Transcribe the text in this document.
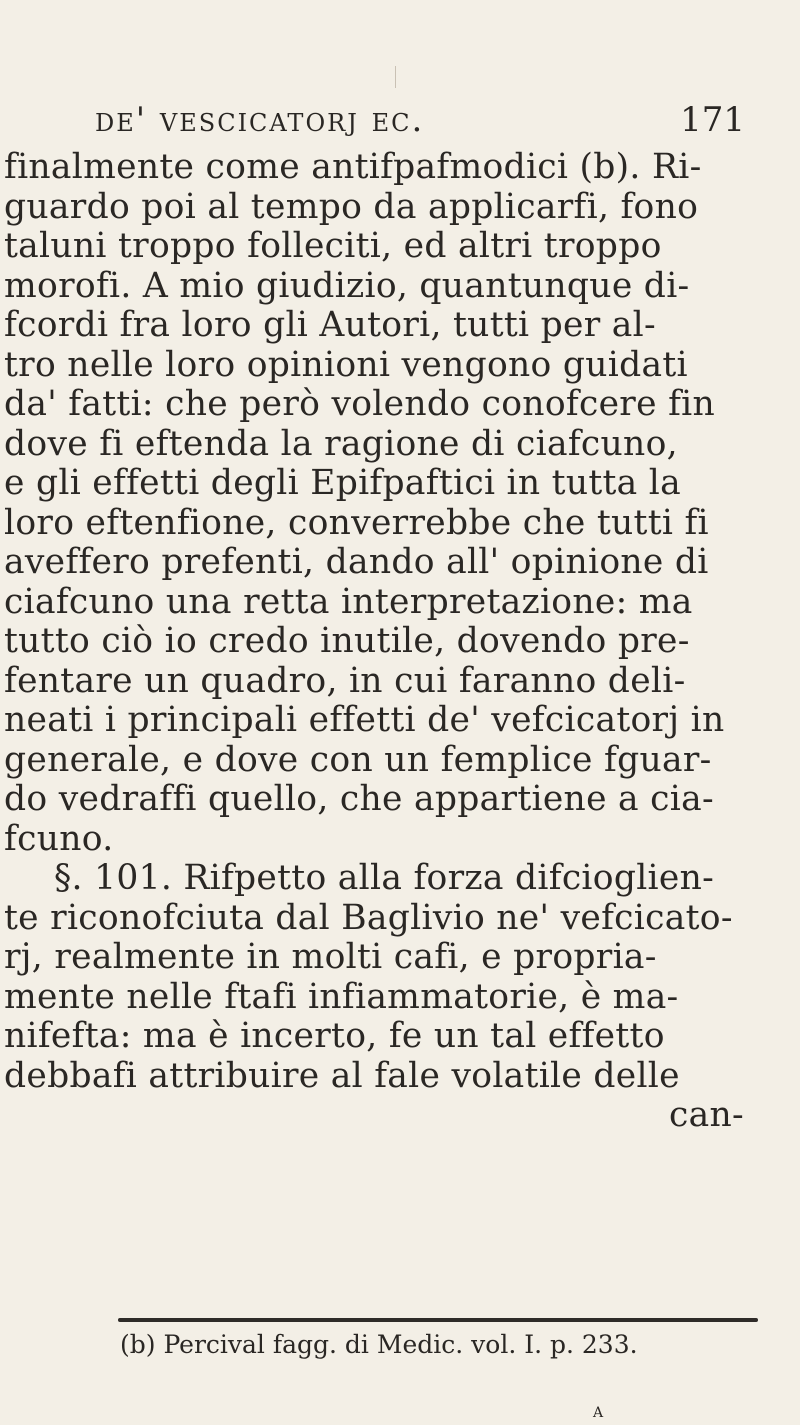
de' vescicatorj ec.	171
finalmente come antifpafmodici (b). Ri-
guardo poi al tempo da applicarfi, fono
taluni troppo folleciti, ed altri troppo
morofi. A mio giudizio, quantunque di-
fcordi fra loro gli Autori, tutti per al-
tro nelle loro opinioni vengono guidati
da' fatti: che però volendo conofcere fin
dove fi eftenda la ragione di ciafcuno,
e gli effetti degli Epifpaftici in tutta la
loro eftenfione, converrebbe che tutti fi
aveffero prefenti, dando all' opinione di
ciafcuno una retta interpretazione: ma
tutto ciò io credo inutile, dovendo pre-
fentare un quadro, in cui faranno deli-
neati i principali effetti de' vefcicatorj in
generale, e dove con un femplice fguar-
do vedraffi quello, che appartiene a cia-
fcuno.
§. 101. Rifpetto alla forza difcioglien-
te riconofciuta dal Baglivio ne' vefcicato-
rj, realmente in molti cafi, e propria-
mente nelle ftafi infiammatorie, è ma-
nifefta: ma è incerto, fe un tal effetto
debbafi attribuire al fale volatile delle
can-
(b) Percival fagg. di Medic. vol. I. p. 233.
A
